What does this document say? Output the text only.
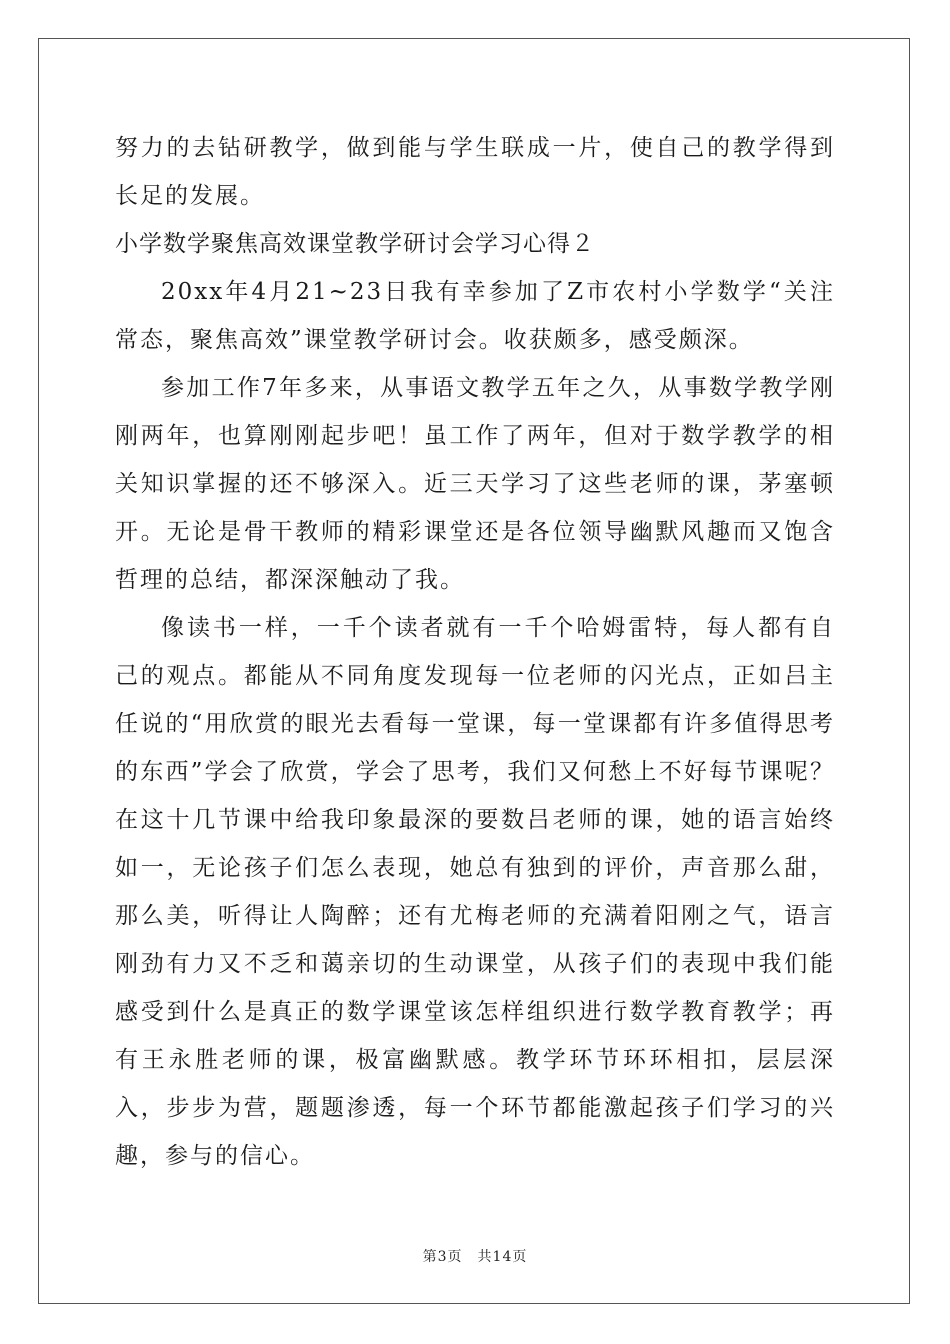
努力的去钻研教学，做到能与学生联成一片，使自己的教学得到长足的发展。

小学数学聚焦高效课堂教学研讨会学习心得２

20xx年4月21~23日我有幸参加了Z市农村小学数学“关注常态，聚焦高效”课堂教学研讨会。收获颇多，感受颇深。

参加工作7年多来，从事语文教学五年之久，从事数学教学刚刚两年，也算刚刚起步吧！虽工作了两年，但对于数学教学的相关知识掌握的还不够深入。近三天学习了这些老师的课，茅塞顿开。无论是骨干教师的精彩课堂还是各位领导幽默风趣而又饱含哲理的总结，都深深触动了我。

像读书一样，一千个读者就有一千个哈姆雷特，每人都有自己的观点。都能从不同角度发现每一位老师的闪光点，正如吕主任说的“用欣赏的眼光去看每一堂课，每一堂课都有许多值得思考的东西”学会了欣赏，学会了思考，我们又何愁上不好每节课呢？在这十几节课中给我印象最深的要数吕老师的课，她的语言始终如一，无论孩子们怎么表现，她总有独到的评价，声音那么甜，那么美，听得让人陶醉；还有尤梅老师的充满着阳刚之气，语言刚劲有力又不乏和蔼亲切的生动课堂，从孩子们的表现中我们能感受到什么是真正的数学课堂该怎样组织进行数学教育教学；再有王永胜老师的课，极富幽默感。教学环节环环相扣，层层深入，步步为营，题题渗透，每一个环节都能激起孩子们学习的兴趣，参与的信心。

第3页　共14页
